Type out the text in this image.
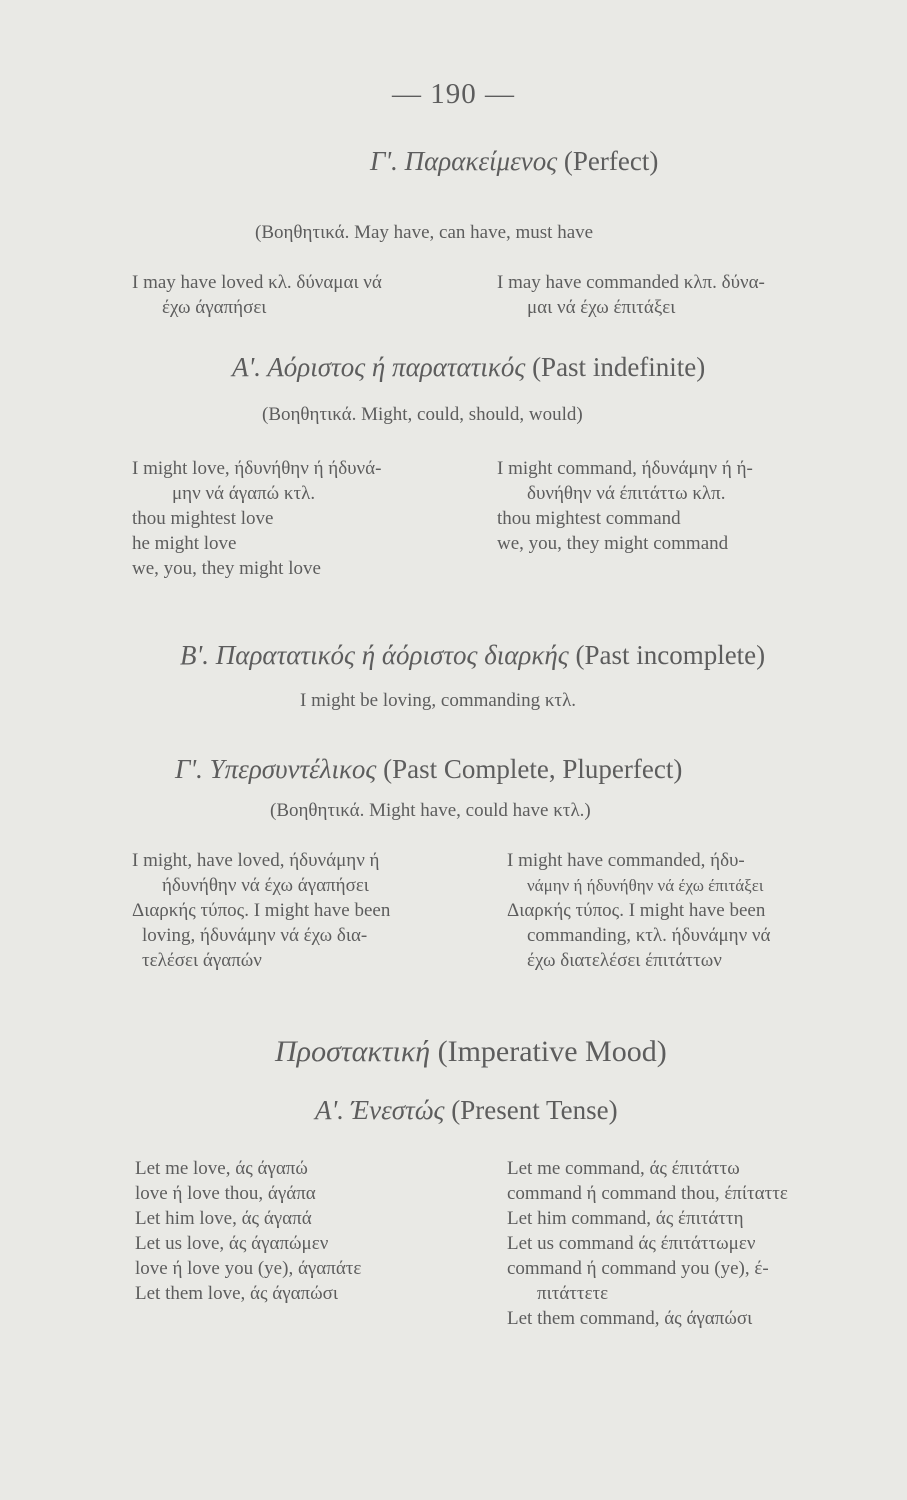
— 190 —
Γ'. Παρακείμενος (Perfect)
(Βοηθητικά. May have, can have, must have
I may have loved κλ. δύναμαι νά
έχω άγαπήσει
I may have commanded κλπ. δύνα-
μαι νά έχω έπιτάξει
Α'. Αόριστος ή παρατατικός (Past indefinite)
(Βοηθητικά. Might, could, should, would)
I might love, ήδυνήθην ή ήδυνά-
μην νά άγαπώ κτλ.
thou mightest love
he might love
we, you, they might love
I might command, ήδυνάμην ή ή-
δυνήθην νά έπιτάττω κλπ.
thou mightest command
we, you, they might command
Β'. Παρατατικός ή άόριστος διαρκής (Past incomplete)
I might be loving, commanding κτλ.
Γ'. Υπερσυντέλικος (Past Complete, Pluperfect)
(Βοηθητικά. Might have, could have κτλ.)
I might, have loved, ήδυνάμην ή
ήδυνήθην νά έχω άγαπήσει
Διαρκής τύπος. I might have been
loving, ήδυνάμην νά έχω δια-
τελέσει άγαπών
I might have commanded, ήδυ-
νάμην ή ήδυνήθην νά έχω έπιτάξει
Διαρκής τύπος. I might have been
commanding, κτλ. ήδυνάμην νά
έχω διατελέσει έπιτάττων
Προστακτική (Imperative Mood)
Α'. Ένεστώς (Present Tense)
Let me love, άς άγαπώ
love ή love thou, άγάπα
Let him love, άς άγαπά
Let us love, άς άγαπώμεν
love ή love you (ye), άγαπάτε
Let them love, άς άγαπώσι
Let me command, άς έπιτάττω
command ή command thou, έπίταττε
Let him command, άς έπιτάττη
Let us command άς έπιτάττωμεν
command ή command you (ye), έ-
πιτάττετε
Let them command, άς άγαπώσι
